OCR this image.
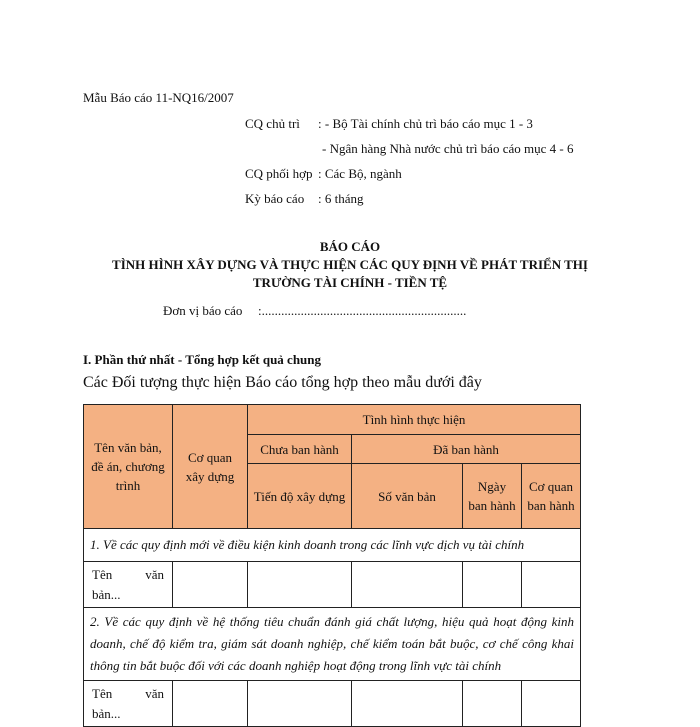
Mẫu Báo cáo 11-NQ16/2007
CQ chủ trì : - Bộ Tài chính chủ trì báo cáo mục 1 - 3
- Ngân hàng Nhà nước chủ trì báo cáo mục 4 - 6
CQ phối hợp : Các Bộ, ngành
Kỳ báo cáo : 6 tháng
BÁO CÁO
TÌNH HÌNH XÂY DỰNG VÀ THỰC HIỆN CÁC QUY ĐỊNH VỀ PHÁT TRIỂN THỊ
TRƯỜNG TÀI CHÍNH - TIỀN TỆ
Đơn vị báo cáo :...............................................................
I. Phần thứ nhất - Tổng hợp kết quả chung
Các Đối tượng thực hiện Báo cáo tổng hợp theo mẫu dưới đây
Tên văn bản, đề án, chương trình	Cơ quan xây dựng	Tình hình thực hiện			
		Chưa ban hành	Đã ban hành		
		Tiến độ xây dựng	Số văn bản	Ngày ban hành	Cơ quan ban hành
1. Về các quy định mới về điều kiện kinh doanh trong các lĩnh vực dịch vụ tài chính					
Tên văn bản...					
2. Về các quy định về hệ thống tiêu chuẩn đánh giá chất lượng, hiệu quả hoạt động kinh doanh, chế độ kiểm tra, giám sát doanh nghiệp, chế kiểm toán bắt buộc, cơ chế công khai thông tin bắt buộc đối với các doanh nghiệp hoạt động trong lĩnh vực tài chính					
Tên văn bản...					
